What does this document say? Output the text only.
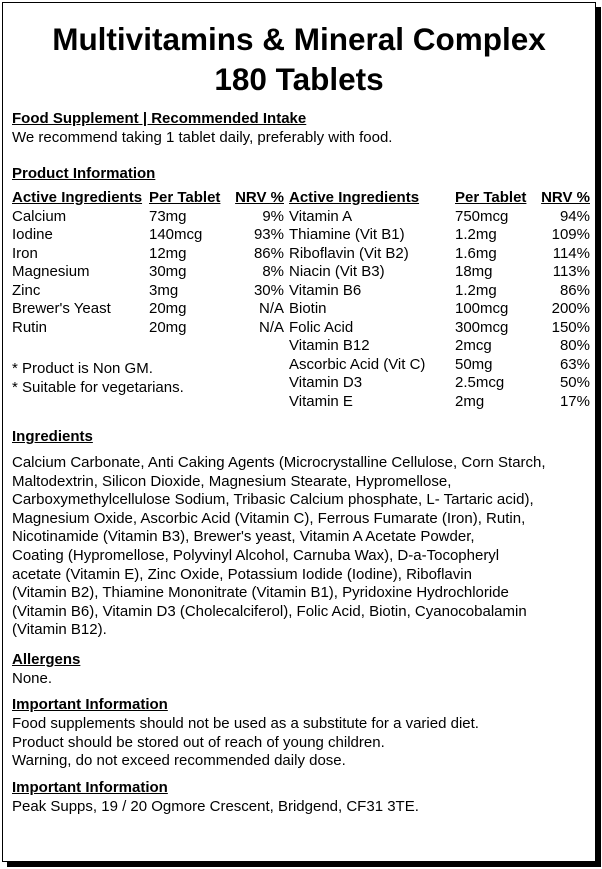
Multivitamins & Mineral Complex
180 Tablets
Food Supplement | Recommended Intake
We recommend taking 1 tablet daily, preferably with food.
Product Information
Active Ingredients
Calcium
Iodine
Iron
Magnesium
Zinc
Brewer's Yeast
Rutin
Per Tablet
73mg
140mcg
12mg
30mg
3mg
20mg
20mg
NRV %
9%
93%
86%
8%
30%
N/A
N/A
Active Ingredients
Vitamin A
Thiamine (Vit B1)
Riboflavin (Vit B2)
Niacin (Vit B3)
Vitamin B6
Biotin
Folic Acid
Vitamin B12
Ascorbic Acid (Vit C)
Vitamin D3
Vitamin E
Per Tablet
750mcg
1.2mg
1.6mg
18mg
1.2mg
100mcg
300mcg
2mcg
50mg
2.5mcg
2mg
NRV %
94%
109%
114%
113%
86%
200%
150%
80%
63%
50%
17%
* Product is Non GM.
* Suitable for vegetarians.
Ingredients
Calcium Carbonate, Anti Caking Agents (Microcrystalline Cellulose, Corn Starch,
Maltodextrin, Silicon Dioxide, Magnesium Stearate, Hypromellose,
Carboxymethylcellulose Sodium, Tribasic Calcium phosphate, L- Tartaric acid),
Magnesium Oxide, Ascorbic Acid (Vitamin C), Ferrous Fumarate (Iron), Rutin,
Nicotinamide (Vitamin B3), Brewer's yeast, Vitamin A Acetate Powder,
Coating (Hypromellose, Polyvinyl Alcohol, Carnuba Wax), D-a-Tocopheryl
acetate (Vitamin E), Zinc Oxide, Potassium Iodide (Iodine), Riboflavin
(Vitamin B2), Thiamine Mononitrate (Vitamin B1), Pyridoxine Hydrochloride
(Vitamin B6), Vitamin D3 (Cholecalciferol), Folic Acid, Biotin, Cyanocobalamin
(Vitamin B12).
Allergens
None.
Important Information
Food supplements should not be used as a substitute for a varied diet.
Product should be stored out of reach of young children.
Warning, do not exceed recommended daily dose.
Important Information
Peak Supps, 19 / 20 Ogmore Crescent, Bridgend, CF31 3TE.
